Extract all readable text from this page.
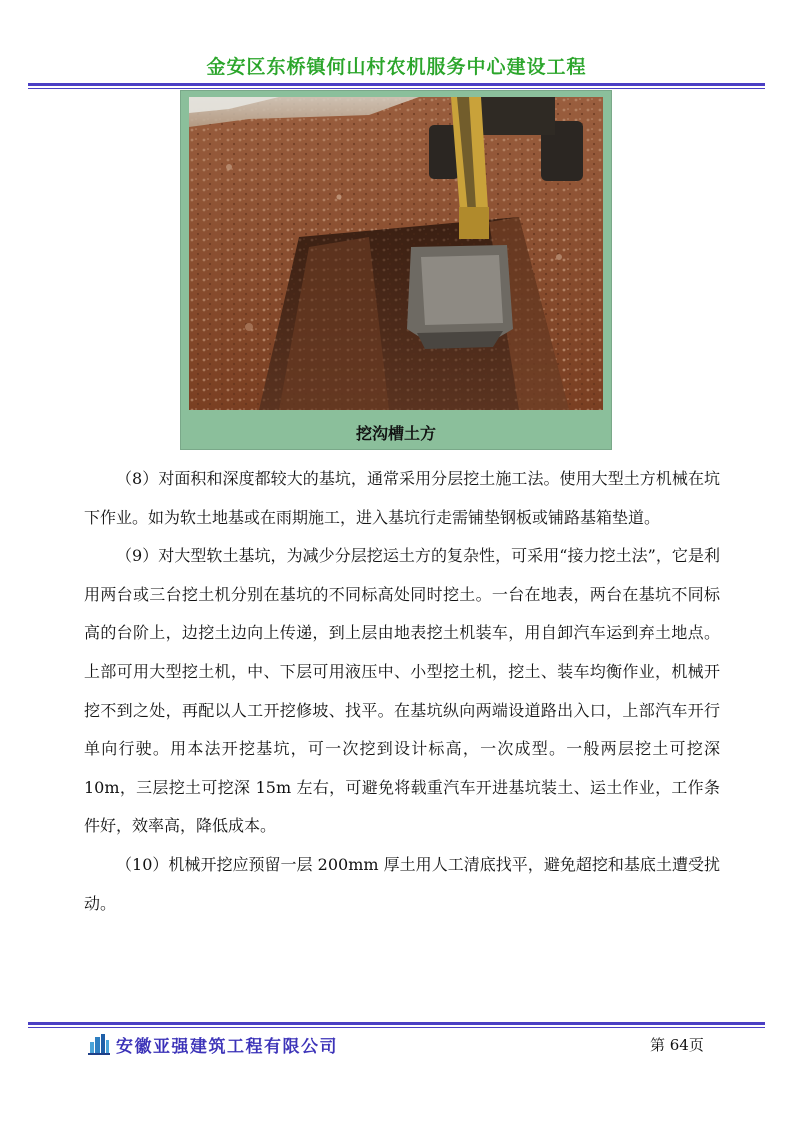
金安区东桥镇何山村农机服务中心建设工程
挖沟槽土方

（8）对面积和深度都较大的基坑，通常采用分层挖土施工法。使用大型土方机械在坑下作业。如为软土地基或在雨期施工，进入基坑行走需铺垫钢板或铺路基箱垫道。

（9）对大型软土基坑，为减少分层挖运土方的复杂性，可采用“接力挖土法”，它是利用两台或三台挖土机分别在基坑的不同标高处同时挖土。一台在地表，两台在基坑不同标高的台阶上，边挖土边向上传递，到上层由地表挖土机装车，用自卸汽车运到弃土地点。上部可用大型挖土机，中、下层可用液压中、小型挖土机，挖土、装车均衡作业，机械开挖不到之处，再配以人工开挖修坡、找平。在基坑纵向两端设道路出入口，上部汽车开行单向行驶。用本法开挖基坑，可一次挖到设计标高，一次成型。一般两层挖土可挖深 10m，三层挖土可挖深 15m 左右，可避免将载重汽车开进基坑装土、运土作业，工作条件好，效率高，降低成本。

（10）机械开挖应预留一层 200mm 厚土用人工清底找平，避免超挖和基底土遭受扰动。

安徽亚强建筑工程有限公司	第 64页
